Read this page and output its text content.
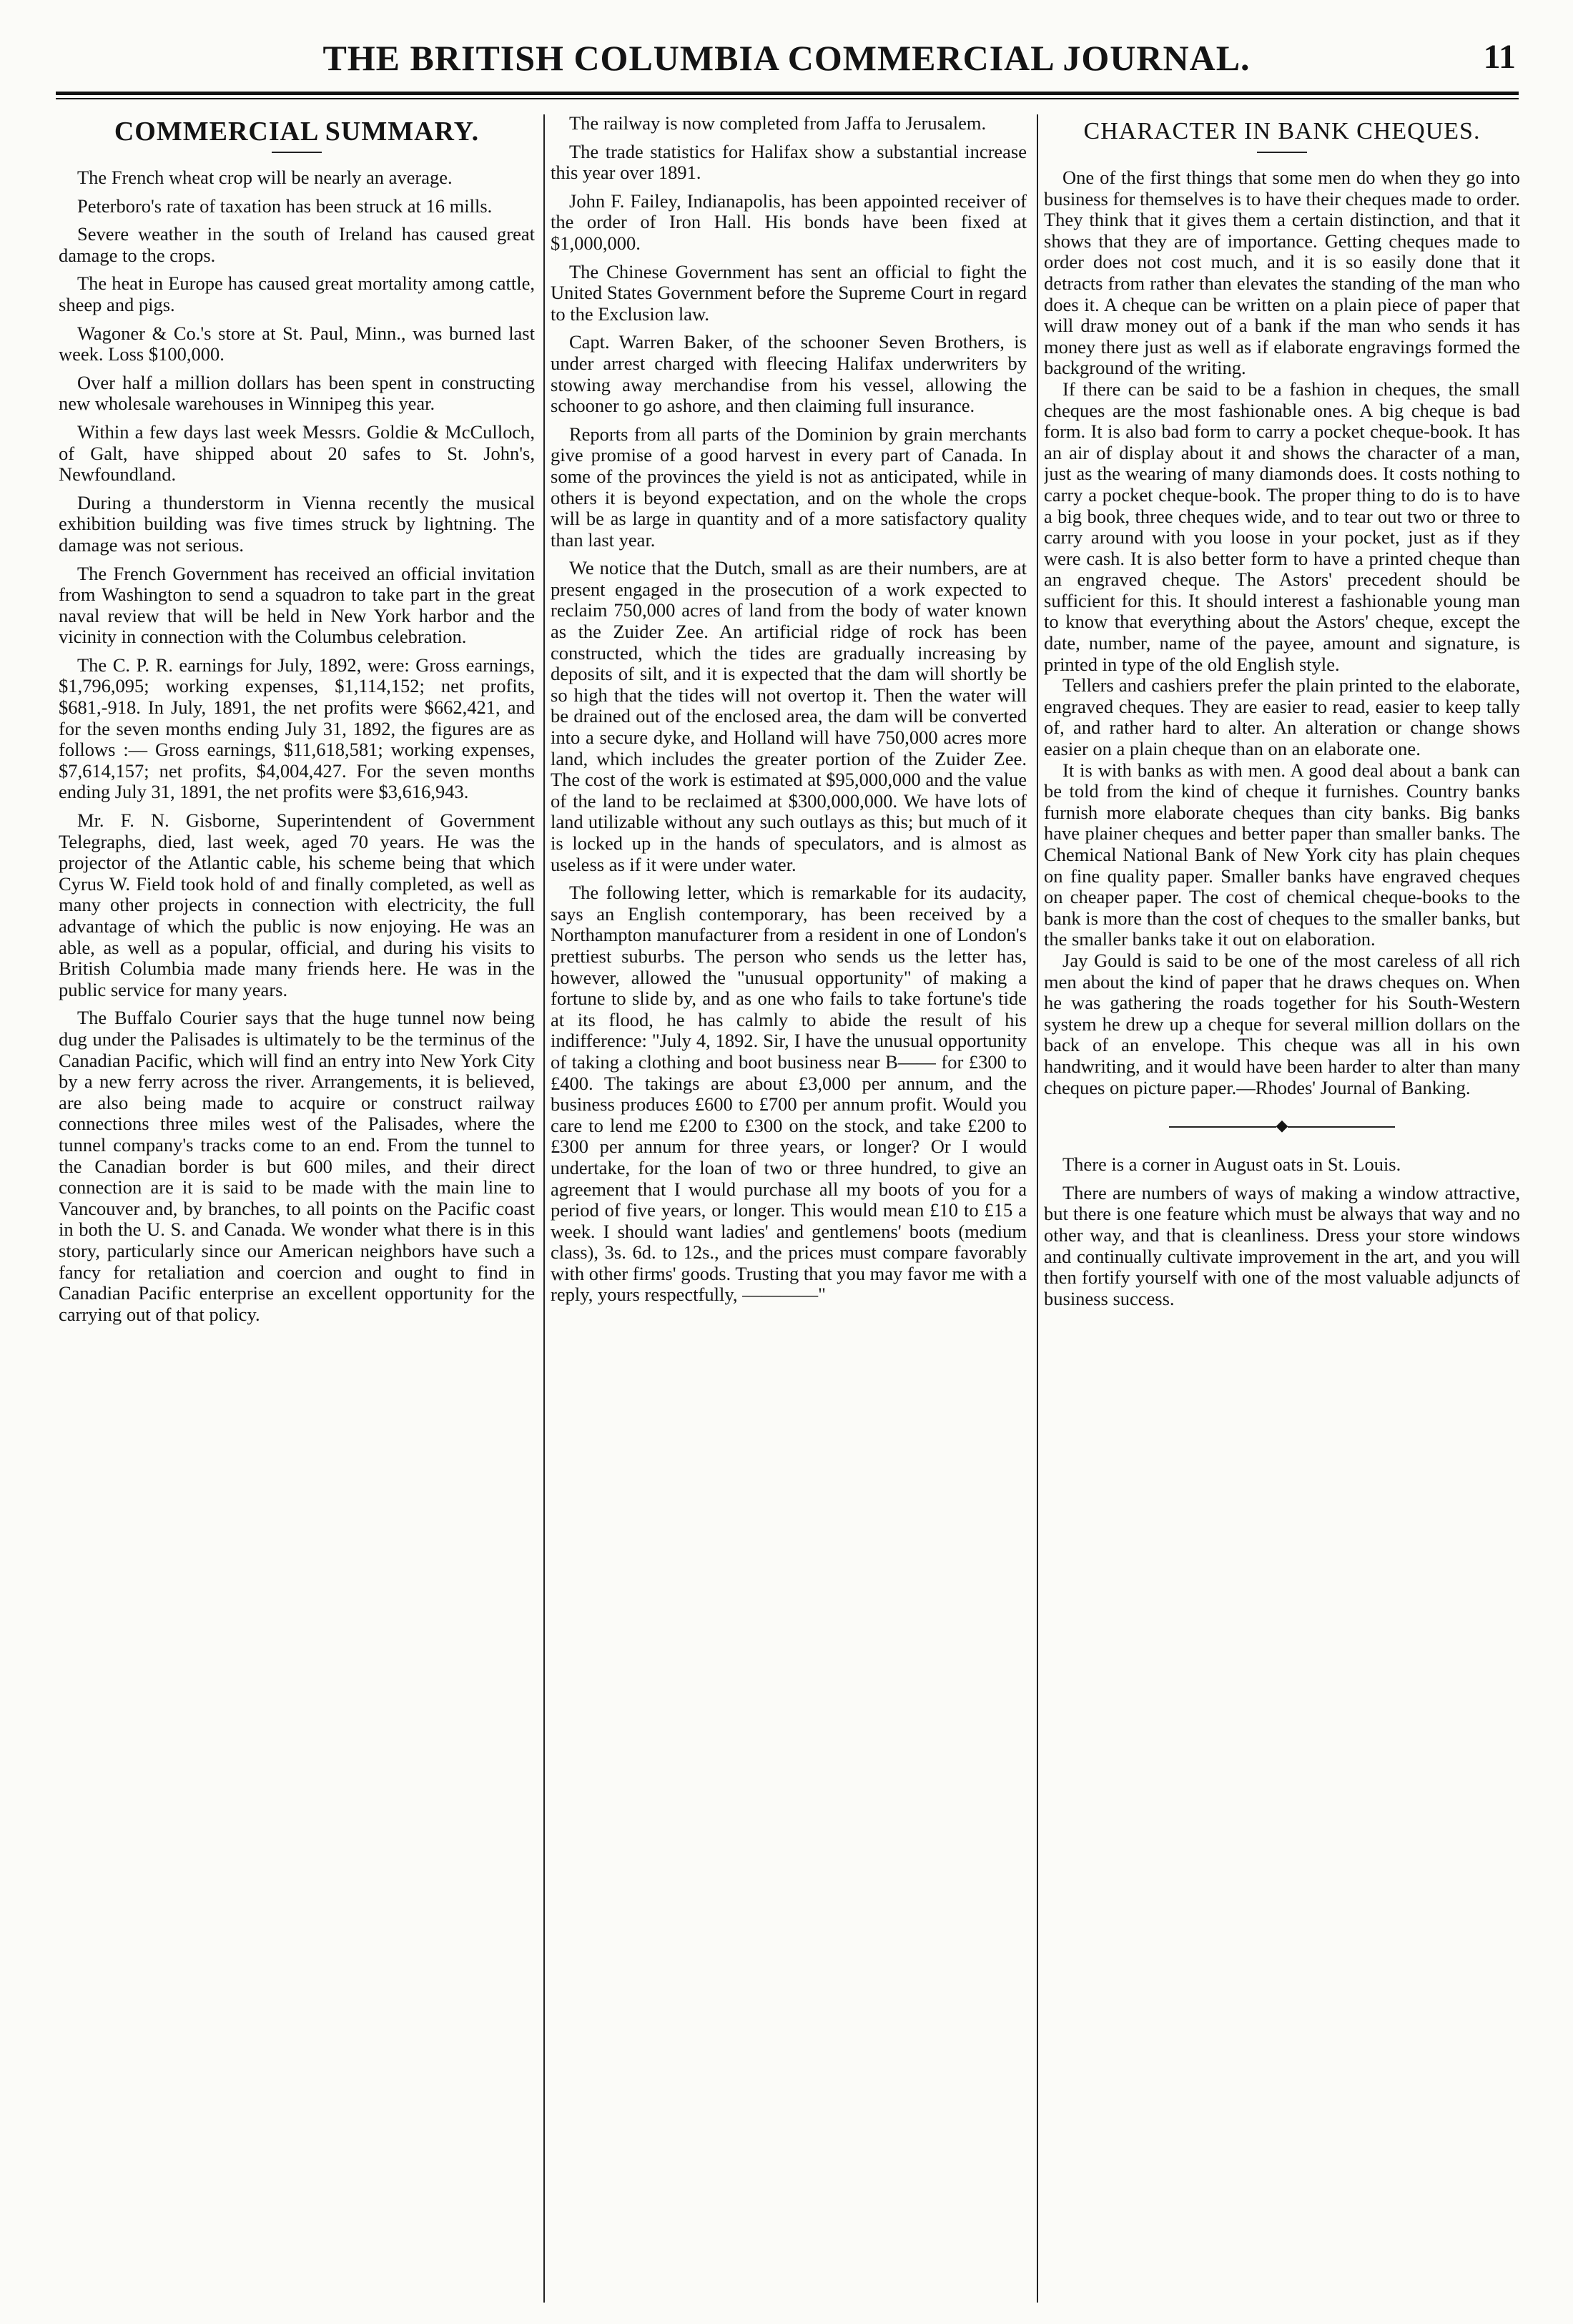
THE BRITISH COLUMBIA COMMERCIAL JOURNAL.	11
COMMERCIAL SUMMARY.

The French wheat crop will be nearly an average.

Peterboro's rate of taxation has been struck at 16 mills.

Severe weather in the south of Ireland has caused great damage to the crops.

The heat in Europe has caused great mortality among cattle, sheep and pigs.

Wagoner & Co.'s store at St. Paul, Minn., was burned last week. Loss $100,000.

Over half a million dollars has been spent in constructing new wholesale warehouses in Winnipeg this year.

Within a few days last week Messrs. Goldie & McCulloch, of Galt, have shipped about 20 safes to St. John's, Newfoundland.

During a thunderstorm in Vienna recently the musical exhibition building was five times struck by lightning. The damage was not serious.

The French Government has received an official invitation from Washington to send a squadron to take part in the great naval review that will be held in New York harbor and the vicinity in connection with the Columbus celebration.

The C. P. R. earnings for July, 1892, were: Gross earnings, $1,796,095; working expenses, $1,114,152; net profits, $681,-918. In July, 1891, the net profits were $662,421, and for the seven months ending July 31, 1892, the figures are as follows :— Gross earnings, $11,618,581; working expenses, $7,614,157; net profits, $4,004,427. For the seven months ending July 31, 1891, the net profits were $3,616,943.

Mr. F. N. Gisborne, Superintendent of Government Telegraphs, died, last week, aged 70 years. He was the projector of the Atlantic cable, his scheme being that which Cyrus W. Field took hold of and finally completed, as well as many other projects in connection with electricity, the full advantage of which the public is now enjoying. He was an able, as well as a popular, official, and during his visits to British Columbia made many friends here. He was in the public service for many years.

The Buffalo Courier says that the huge tunnel now being dug under the Palisades is ultimately to be the terminus of the Canadian Pacific, which will find an entry into New York City by a new ferry across the river. Arrangements, it is believed, are also being made to acquire or construct railway connections three miles west of the Palisades, where the tunnel company's tracks come to an end. From the tunnel to the Canadian border is but 600 miles, and their direct connection are it is said to be made with the main line to Vancouver and, by branches, to all points on the Pacific coast in both the U. S. and Canada. We wonder what there is in this story, particularly since our American neighbors have such a fancy for retaliation and coercion and ought to find in Canadian Pacific enterprise an excellent opportunity for the carrying out of that policy.

The railway is now completed from Jaffa to Jerusalem.

The trade statistics for Halifax show a substantial increase this year over 1891.

John F. Failey, Indianapolis, has been appointed receiver of the order of Iron Hall. His bonds have been fixed at $1,000,000.

The Chinese Government has sent an official to fight the United States Government before the Supreme Court in regard to the Exclusion law.

Capt. Warren Baker, of the schooner Seven Brothers, is under arrest charged with fleecing Halifax underwriters by stowing away merchandise from his vessel, allowing the schooner to go ashore, and then claiming full insurance.

Reports from all parts of the Dominion by grain merchants give promise of a good harvest in every part of Canada. In some of the provinces the yield is not as anticipated, while in others it is beyond expectation, and on the whole the crops will be as large in quantity and of a more satisfactory quality than last year.

We notice that the Dutch, small as are their numbers, are at present engaged in the prosecution of a work expected to reclaim 750,000 acres of land from the body of water known as the Zuider Zee. An artificial ridge of rock has been constructed, which the tides are gradually increasing by deposits of silt, and it is expected that the dam will shortly be so high that the tides will not overtop it. Then the water will be drained out of the enclosed area, the dam will be converted into a secure dyke, and Holland will have 750,000 acres more land, which includes the greater portion of the Zuider Zee. The cost of the work is estimated at $95,000,000 and the value of the land to be reclaimed at $300,000,000. We have lots of land utilizable without any such outlays as this; but much of it is locked up in the hands of speculators, and is almost as useless as if it were under water.

The following letter, which is remarkable for its audacity, says an English contemporary, has been received by a Northampton manufacturer from a resident in one of London's prettiest suburbs. The person who sends us the letter has, however, allowed the "unusual opportunity" of making a fortune to slide by, and as one who fails to take fortune's tide at its flood, he has calmly to abide the result of his indifference: "July 4, 1892. Sir, I have the unusual opportunity of taking a clothing and boot business near B—— for £300 to £400. The takings are about £3,000 per annum, and the business produces £600 to £700 per annum profit. Would you care to lend me £200 to £300 on the stock, and take £200 to £300 per annum for three years, or longer? Or I would undertake, for the loan of two or three hundred, to give an agreement that I would purchase all my boots of you for a period of five years, or longer. This would mean £10 to £15 a week. I should want ladies' and gentlemens' boots (medium class), 3s. 6d. to 12s., and the prices must compare favorably with other firms' goods. Trusting that you may favor me with a reply, yours respectfully, ————"

CHARACTER IN BANK CHEQUES.

One of the first things that some men do when they go into business for themselves is to have their cheques made to order. They think that it gives them a certain distinction, and that it shows that they are of importance. Getting cheques made to order does not cost much, and it is so easily done that it detracts from rather than elevates the standing of the man who does it. A cheque can be written on a plain piece of paper that will draw money out of a bank if the man who sends it has money there just as well as if elaborate engravings formed the background of the writing.

If there can be said to be a fashion in cheques, the small cheques are the most fashionable ones. A big cheque is bad form. It is also bad form to carry a pocket cheque-book. It has an air of display about it and shows the character of a man, just as the wearing of many diamonds does. It costs nothing to carry a pocket cheque-book. The proper thing to do is to have a big book, three cheques wide, and to tear out two or three to carry around with you loose in your pocket, just as if they were cash. It is also better form to have a printed cheque than an engraved cheque. The Astors' precedent should be sufficient for this. It should interest a fashionable young man to know that everything about the Astors' cheque, except the date, number, name of the payee, amount and signature, is printed in type of the old English style.

Tellers and cashiers prefer the plain printed to the elaborate, engraved cheques. They are easier to read, easier to keep tally of, and rather hard to alter. An alteration or change shows easier on a plain cheque than on an elaborate one.

It is with banks as with men. A good deal about a bank can be told from the kind of cheque it furnishes. Country banks furnish more elaborate cheques than city banks. Big banks have plainer cheques and better paper than smaller banks. The Chemical National Bank of New York city has plain cheques on fine quality paper. Smaller banks have engraved cheques on cheaper paper. The cost of chemical cheque-books to the bank is more than the cost of cheques to the smaller banks, but the smaller banks take it out on elaboration.

Jay Gould is said to be one of the most careless of all rich men about the kind of paper that he draws cheques on. When he was gathering the roads together for his South-Western system he drew up a cheque for several million dollars on the back of an envelope. This cheque was all in his own handwriting, and it would have been harder to alter than many cheques on picture paper.—Rhodes' Journal of Banking.

◆

There is a corner in August oats in St. Louis.

There are numbers of ways of making a window attractive, but there is one feature which must be always that way and no other way, and that is cleanliness. Dress your store windows and continually cultivate improvement in the art, and you will then fortify yourself with one of the most valuable adjuncts of business success.
